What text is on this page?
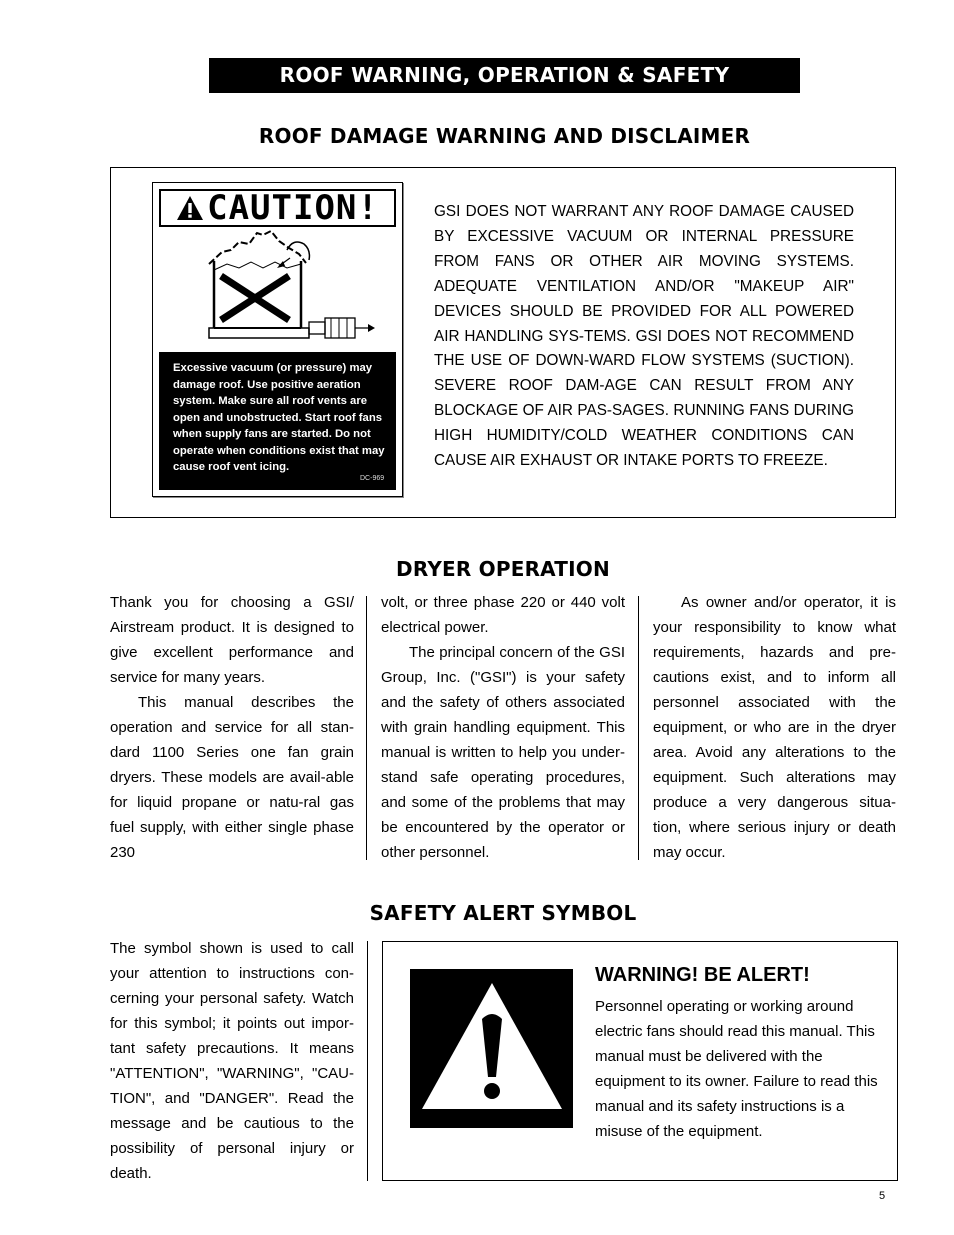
ROOF WARNING, OPERATION & SAFETY
ROOF DAMAGE WARNING AND DISCLAIMER
CAUTION!
Excessive vacuum (or pressure) may damage roof. Use positive aeration system. Make sure all roof vents are open and unobstructed. Start roof fans when supply fans are started. Do not operate when conditions exist that may cause roof vent icing.
DC-969
GSI DOES NOT WARRANT ANY ROOF DAMAGE CAUSED BY EXCESSIVE VACUUM OR INTERNAL PRESSURE FROM FANS OR OTHER AIR MOVING SYSTEMS. ADEQUATE VENTILATION AND/OR "MAKEUP AIR" DEVICES SHOULD BE PROVIDED FOR ALL POWERED AIR HANDLING SYS-TEMS. GSI DOES NOT RECOMMEND THE USE OF DOWN-WARD FLOW SYSTEMS (SUCTION). SEVERE ROOF DAM-AGE CAN RESULT FROM ANY BLOCKAGE OF AIR PAS-SAGES. RUNNING FANS DURING HIGH HUMIDITY/COLD WEATHER CONDITIONS CAN CAUSE AIR EXHAUST OR INTAKE PORTS TO FREEZE.
DRYER OPERATION
Thank you for choosing a GSI/ Airstream product. It is designed to give excellent performance and service for many years.
This manual describes the operation and service for all stan-dard 1100 Series one fan grain dryers. These models are avail-able for liquid propane or natu-ral gas fuel supply, with either single phase 230
volt, or three phase 220 or 440 volt electrical power.
The principal concern of the GSI Group, Inc. ("GSI") is your safety and the safety of others associated with grain handling equipment. This manual is written to help you under-stand safe operating procedures, and some of the problems that may be encountered by the operator or other personnel.
As owner and/or operator, it is your responsibility to know what requirements, hazards and pre-cautions exist, and to inform all personnel associated with the equipment, or who are in the dryer area. Avoid any alterations to the equipment. Such alterations may produce a very dangerous situa-tion, where serious injury or death may occur.
SAFETY ALERT SYMBOL
The symbol shown is used to call your attention to instructions con-cerning your personal safety. Watch for this symbol; it points out impor-tant safety precautions. It means "ATTENTION", "WARNING", "CAU-TION", and "DANGER". Read the message and be cautious to the possibility of personal injury or death.
WARNING! BE ALERT!
Personnel operating or working around electric fans should read this manual. This manual must be delivered with the equipment to its owner. Failure to read this manual and its safety instructions is a misuse of the equipment.
5
